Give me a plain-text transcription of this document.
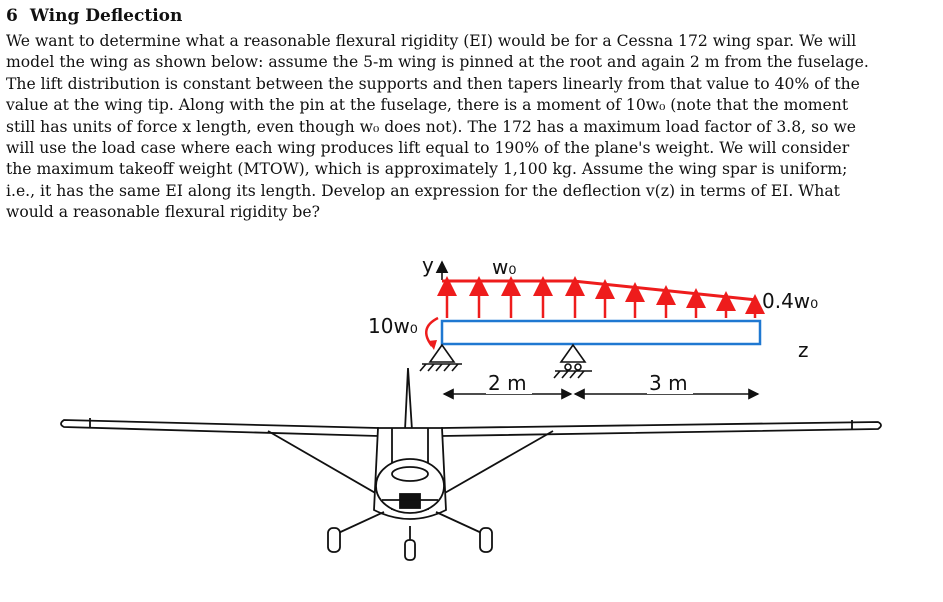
6 Wing Deflection
We want to determine what a reasonable flexural rigidity (EI) would be for a Cessna 172 wing spar. We will
model the wing as shown below: assume the 5-m wing is pinned at the root and again 2 m from the fuselage.
The lift distribution is constant between the supports and then tapers linearly from that value to 40% of the
value at the wing tip. Along with the pin at the fuselage, there is a moment of 10w₀ (note that the moment
still has units of force x length, even though w₀ does not). The 172 has a maximum load factor of 3.8, so we
will use the load case where each wing produces lift equal to 190% of the plane's weight. We will consider
the maximum takeoff weight (MTOW), which is approximately 1,100 kg. Assume the wing spar is uniform;
i.e., it has the same EI along its length. Develop an expression for the deflection v(z) in terms of EI. What
would a reasonable flexural rigidity be?
y	w₀
0.4w₀
z
10w₀
2 m	3 m
